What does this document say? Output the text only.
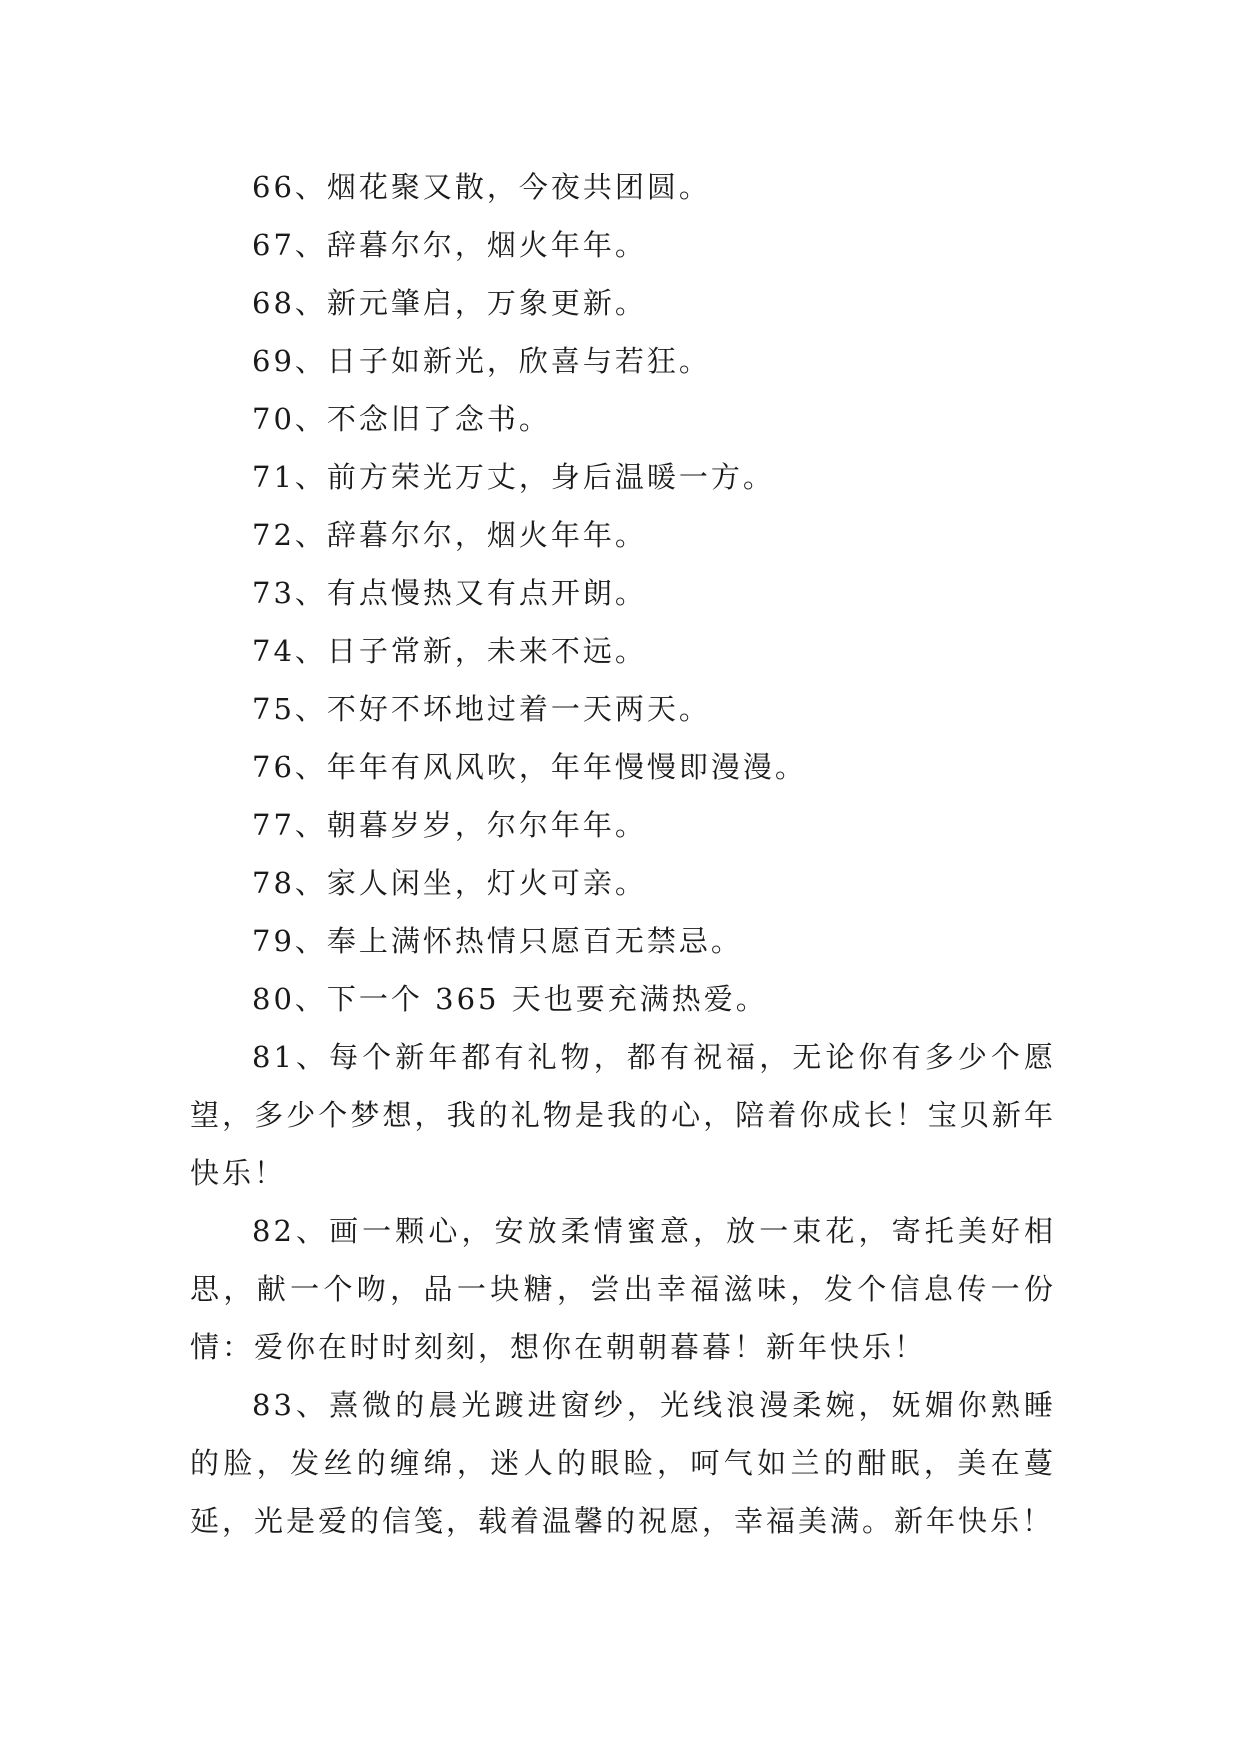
66、烟花聚又散，今夜共团圆。

67、辞暮尔尔，烟火年年。

68、新元肇启，万象更新。

69、日子如新光，欣喜与若狂。

70、不念旧了念书。

71、前方荣光万丈，身后温暖一方。

72、辞暮尔尔，烟火年年。

73、有点慢热又有点开朗。

74、日子常新，未来不远。

75、不好不坏地过着一天两天。

76、年年有风风吹，年年慢慢即漫漫。

77、朝暮岁岁，尔尔年年。

78、家人闲坐，灯火可亲。

79、奉上满怀热情只愿百无禁忌。

80、下一个 365 天也要充满热爱。

81、每个新年都有礼物，都有祝福，无论你有多少个愿望，多少个梦想，我的礼物是我的心，陪着你成长！宝贝新年快乐！

82、画一颗心，安放柔情蜜意，放一束花，寄托美好相思，献一个吻，品一块糖，尝出幸福滋味，发个信息传一份情：爱你在时时刻刻，想你在朝朝暮暮！新年快乐！

83、熹微的晨光踱进窗纱，光线浪漫柔婉，妩媚你熟睡的脸，发丝的缠绵，迷人的眼睑，呵气如兰的酣眠，美在蔓延，光是爱的信笺，载着温馨的祝愿，幸福美满。新年快乐！
